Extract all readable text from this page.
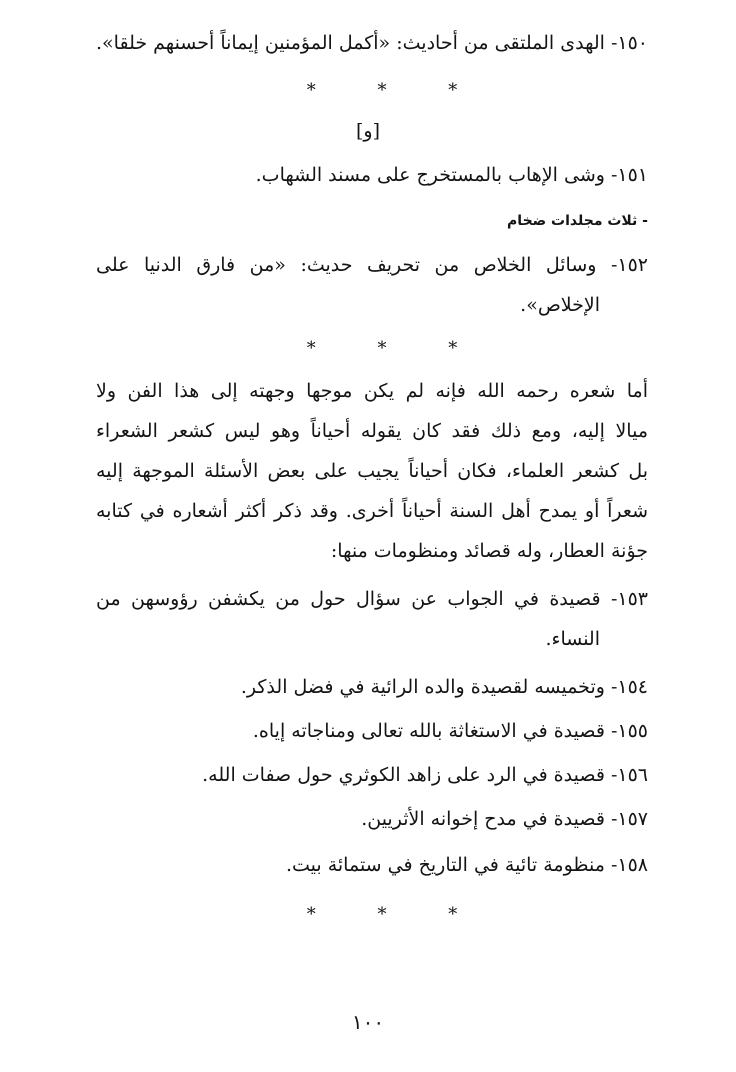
١٥٠- الهدى الملتقى من أحاديث: «أكمل المؤمنين إيماناً أحسنهم خلقا».
* * *
[و]
١٥١- وشى الإهاب بالمستخرج على مسند الشهاب.
- ثلاث مجلدات ضخام
١٥٢- وسائل الخلاص من تحريف حديث: «من فارق الدنيا على
الإخلاص».
* * *
أما شعره رحمه الله فإنه لم يكن موجها وجهته إلى هذا الفن ولا
ميالا إليه، ومع ذلك فقد كان يقوله أحياناً وهو ليس كشعر الشعراء
بل كشعر العلماء، فكان أحياناً يجيب على بعض الأسئلة الموجهة إليه
شعراً أو يمدح أهل السنة أحياناً أخرى. وقد ذكر أكثر أشعاره في كتابه
جؤنة العطار، وله قصائد ومنظومات منها:
١٥٣- قصيدة في الجواب عن سؤال حول من يكشفن رؤوسهن من
النساء.
١٥٤- وتخميسه لقصيدة والده الرائية في فضل الذكر.
١٥٥- قصيدة في الاستغاثة بالله تعالى ومناجاته إياه.
١٥٦- قصيدة في الرد على زاهد الكوثري حول صفات الله.
١٥٧- قصيدة في مدح إخوانه الأثريين.
١٥٨- منظومة تائية في التاريخ في ستمائة بيت.
* * *
١٠٠
